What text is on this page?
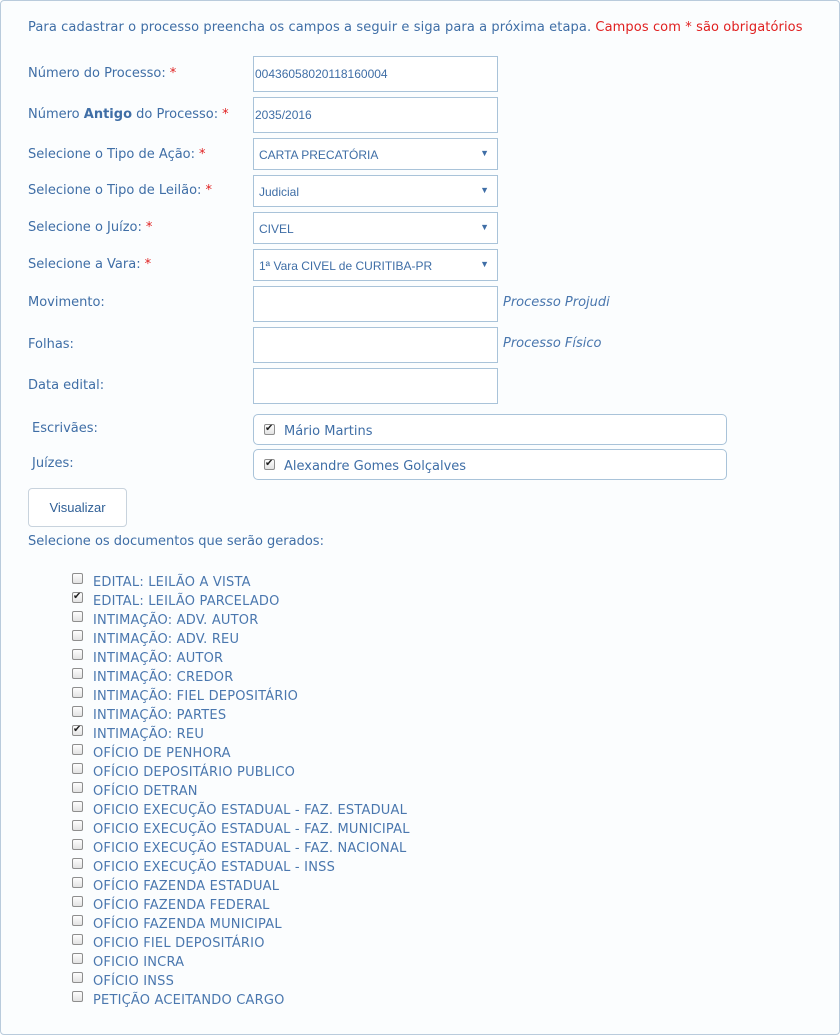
Para cadastrar o processo preencha os campos a seguir e siga para a próxima etapa. Campos com * são obrigatórios
Número do Processo: *	00436058020118160004
Número Antigo do Processo: * 2035/2016
Selecione o Tipo de Ação: *	CARTA PRECATÓRIA	▼
Selecione o Tipo de Leilão: *	Judicial	▼
Selecione o Juízo: *	CIVEL	▼
Selecione a Vara: *	1ª Vara CIVEL de CURITIBA-PR	▼
Movimento:	Processo Projudi
Folhas:	Processo Físico
Data edital:
Escrivães: ✔	Mário Martins
Juízes: ✔	Alexandre Gomes Golçalves
Visualizar
Selecione os documentos que serão gerados:
EDITAL: LEILÃO A VISTA
✔EDITAL: LEILÃO PARCELADO
INTIMAÇÃO: ADV. AUTOR
INTIMAÇÃO: ADV. REU
INTIMAÇÃO: AUTOR
INTIMAÇÃO: CREDOR
INTIMAÇÃO: FIEL DEPOSITÁRIO
INTIMAÇÃO: PARTES
✔INTIMAÇÃO: REU
OFÍCIO DE PENHORA
OFÍCIO DEPOSITÁRIO PUBLICO
OFÍCIO DETRAN
OFICIO EXECUÇÃO ESTADUAL - FAZ. ESTADUAL
OFICIO EXECUÇÃO ESTADUAL - FAZ. MUNICIPAL
OFICIO EXECUÇÃO ESTADUAL - FAZ. NACIONAL
OFICIO EXECUÇÃO ESTADUAL - INSS
OFÍCIO FAZENDA ESTADUAL
OFÍCIO FAZENDA FEDERAL
OFÍCIO FAZENDA MUNICIPAL
OFICIO FIEL DEPOSITÁRIO
OFICIO INCRA
OFÍCIO INSS
PETIÇÃO ACEITANDO CARGO
